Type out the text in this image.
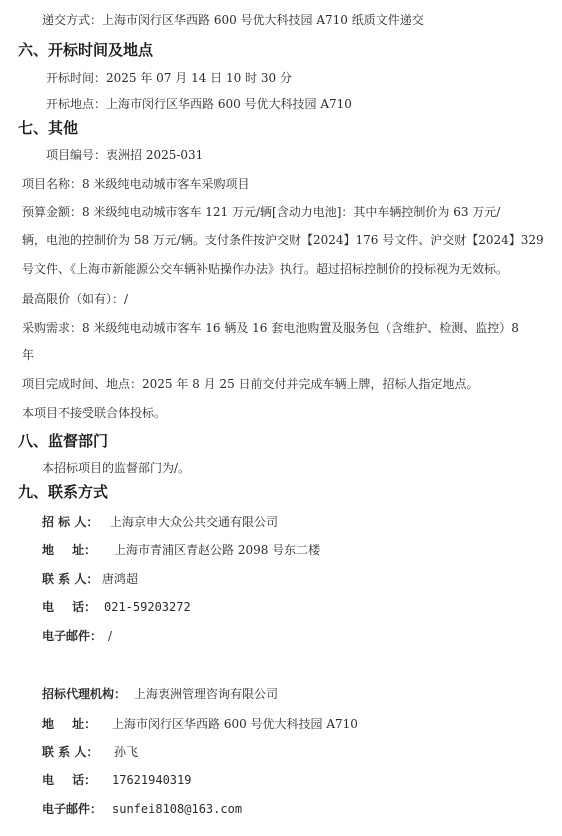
递交方式：上海市闵行区华西路 600 号优大科技园 A710 纸质文件递交
六、开标时间及地点
开标时间：2025 年 07 月 14 日 10 时 30 分
开标地点：上海市闵行区华西路 600 号优大科技园 A710
七、其他
项目编号：衷洲招 2025-031
项目名称：8 米级纯电动城市客车采购项目
预算金额：8 米级纯电动城市客车 121 万元/辆[含动力电池]：其中车辆控制价为 63 万元/
辆，电池的控制价为 58 万元/辆。支付条件按沪交财【2024】176 号文件、沪交财【2024】329
号文件、《上海市新能源公交车辆补贴操作办法》执行。超过招标控制价的投标视为无效标。
最高限价（如有）：/
采购需求：8 米级纯电动城市客车 16 辆及 16 套电池购置及服务包（含维护、检测、监控）8
年
项目完成时间、地点：2025 年 8 月 25 日前交付并完成车辆上牌，招标人指定地点。
本项目不接受联合体投标。
八、监督部门
本招标项目的监督部门为/。
九、联系方式
招 标 人： 上海京申大众公共交通有限公司
地 址： 上海市青浦区青赵公路 2098 号东二楼
联 系 人： 唐鸿超
电 话： 021-59203272
电子邮件： /
招标代理机构： 上海衷洲管理咨询有限公司
地 址： 上海市闵行区华西路 600 号优大科技园 A710
联 系 人： 孙飞
电 话： 17621940319
电子邮件： sunfei8108@163.com
